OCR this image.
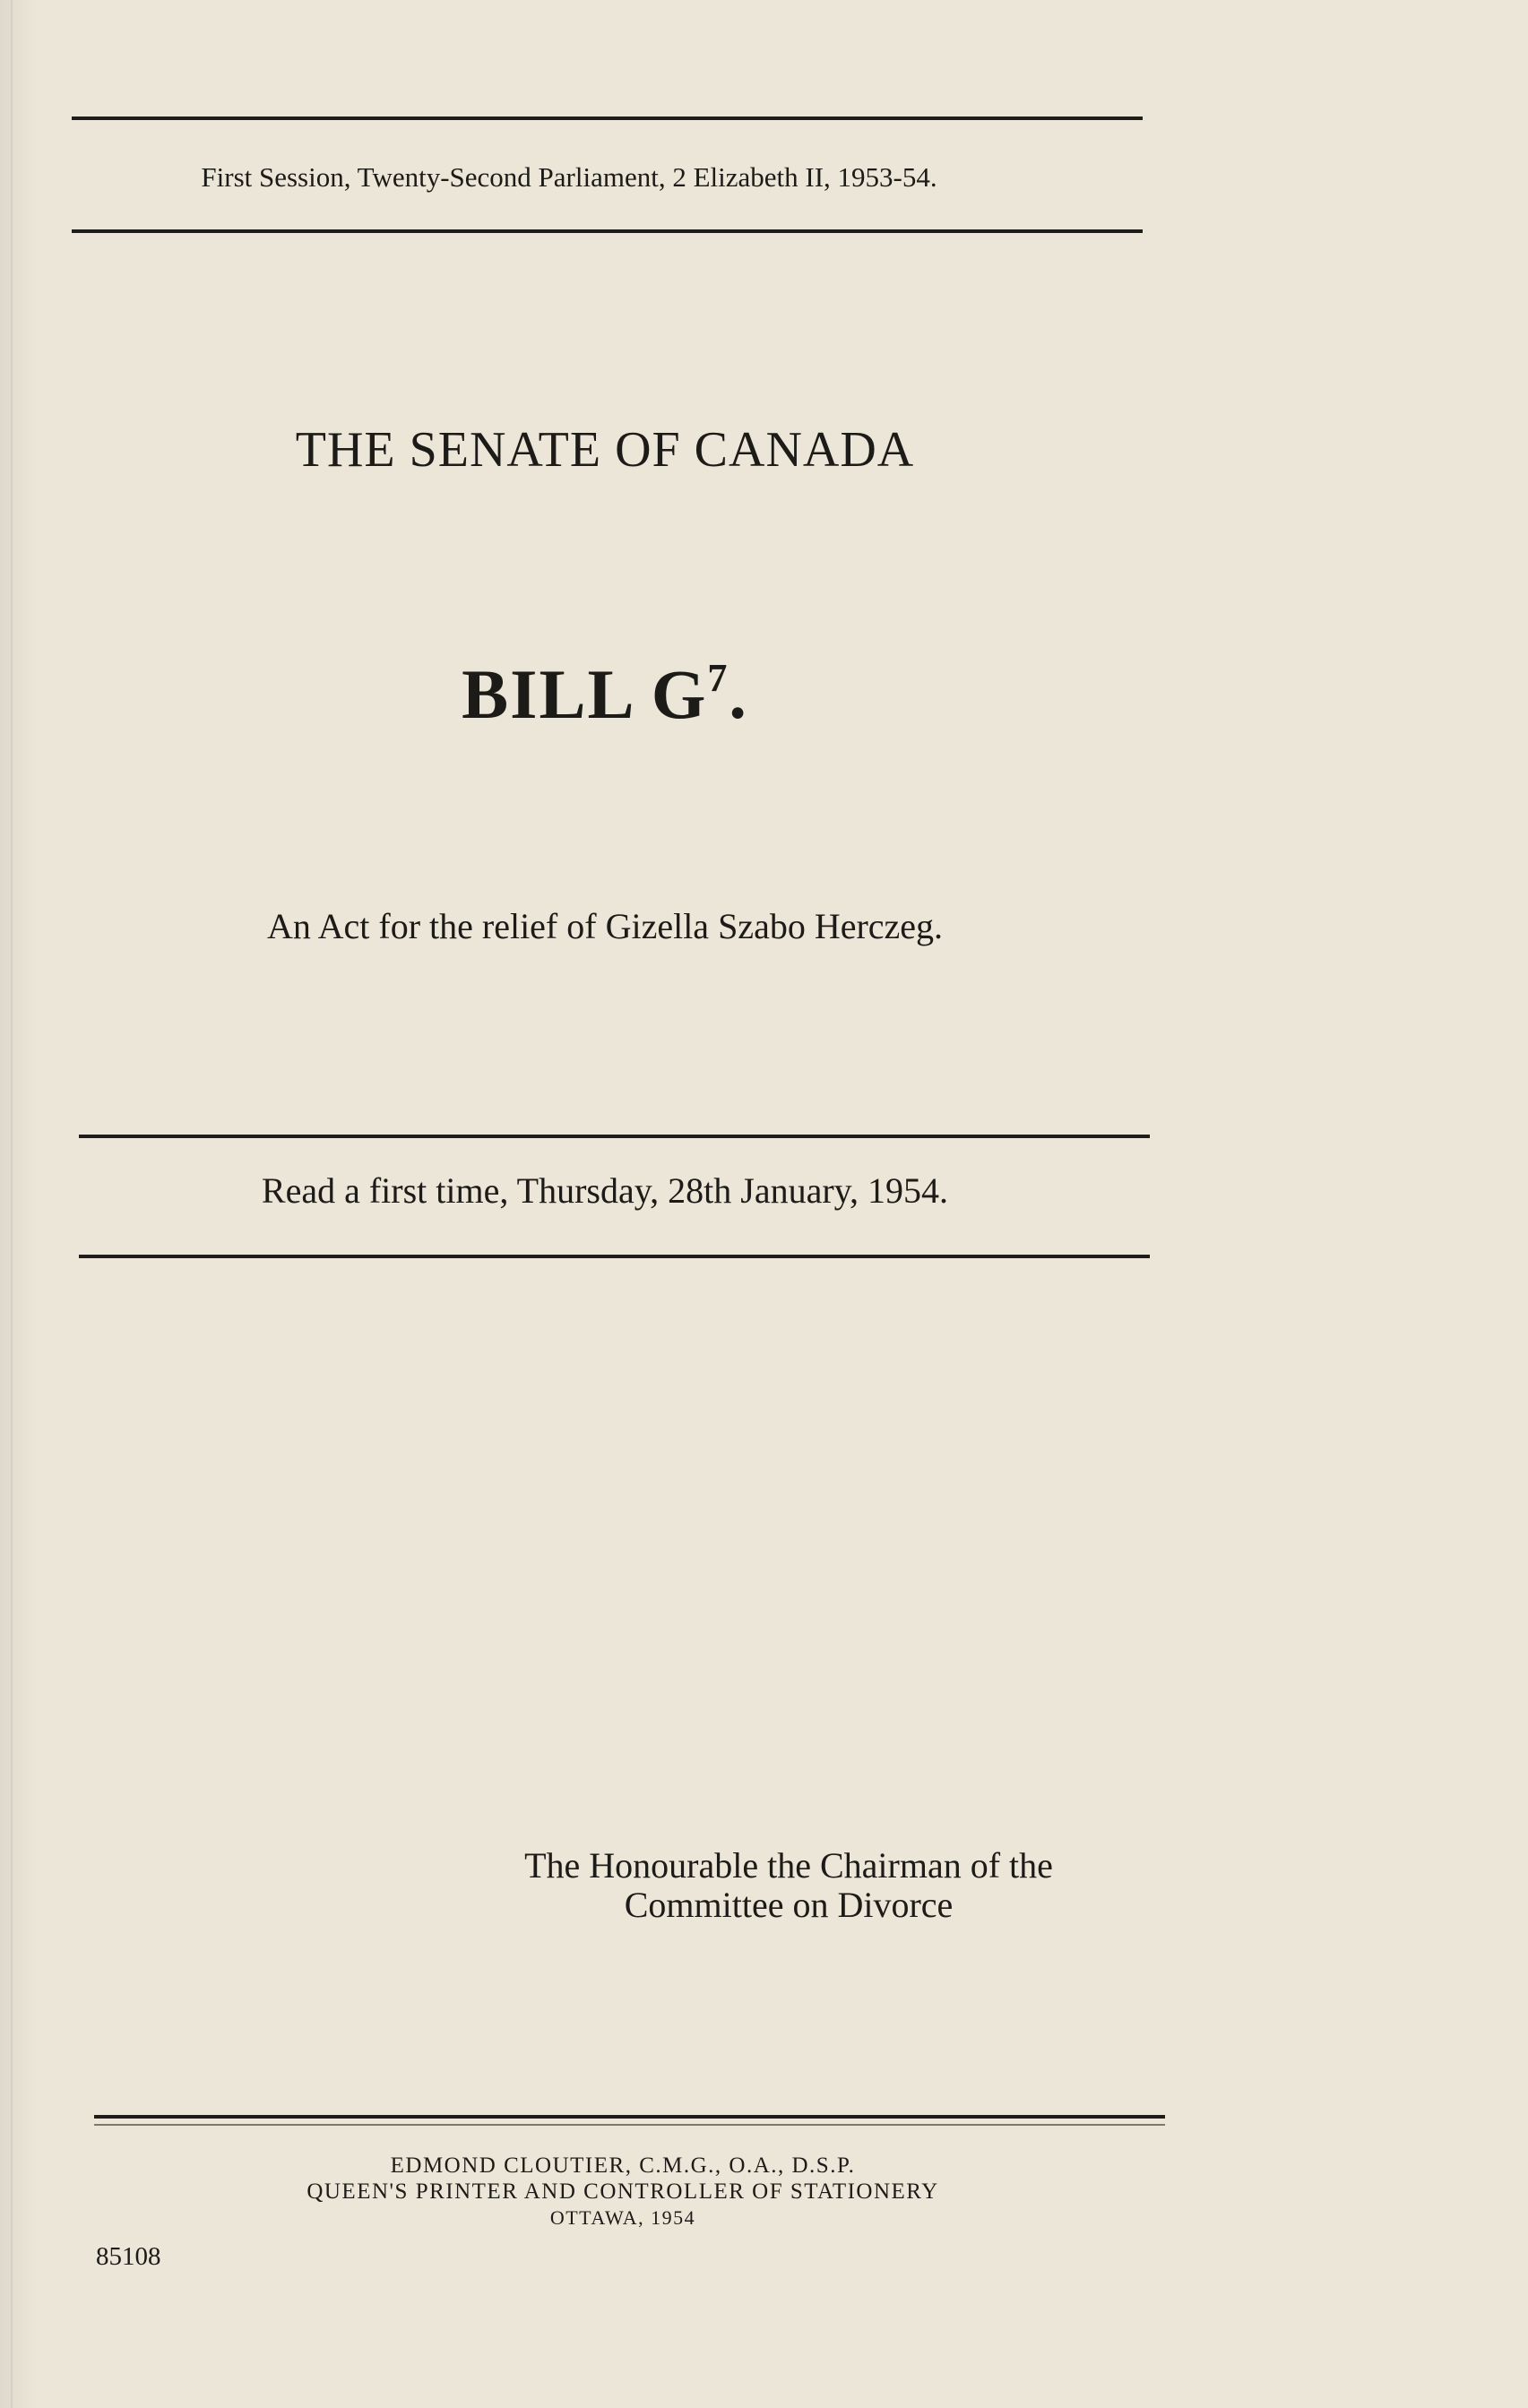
First Session, Twenty-Second Parliament, 2 Elizabeth II, 1953-54.
THE SENATE OF CANADA
BILL $G^7$.
An Act for the relief of Gizella Szabo Herczeg.
Read a first time, Thursday, 28th January, 1954.
The Honourable the Chairman of the
Committee on Divorce
EDMOND CLOUTIER, C.M.G., O.A., D.S.P.
QUEEN'S PRINTER AND CONTROLLER OF STATIONERY
OTTAWA, 1954
85108
